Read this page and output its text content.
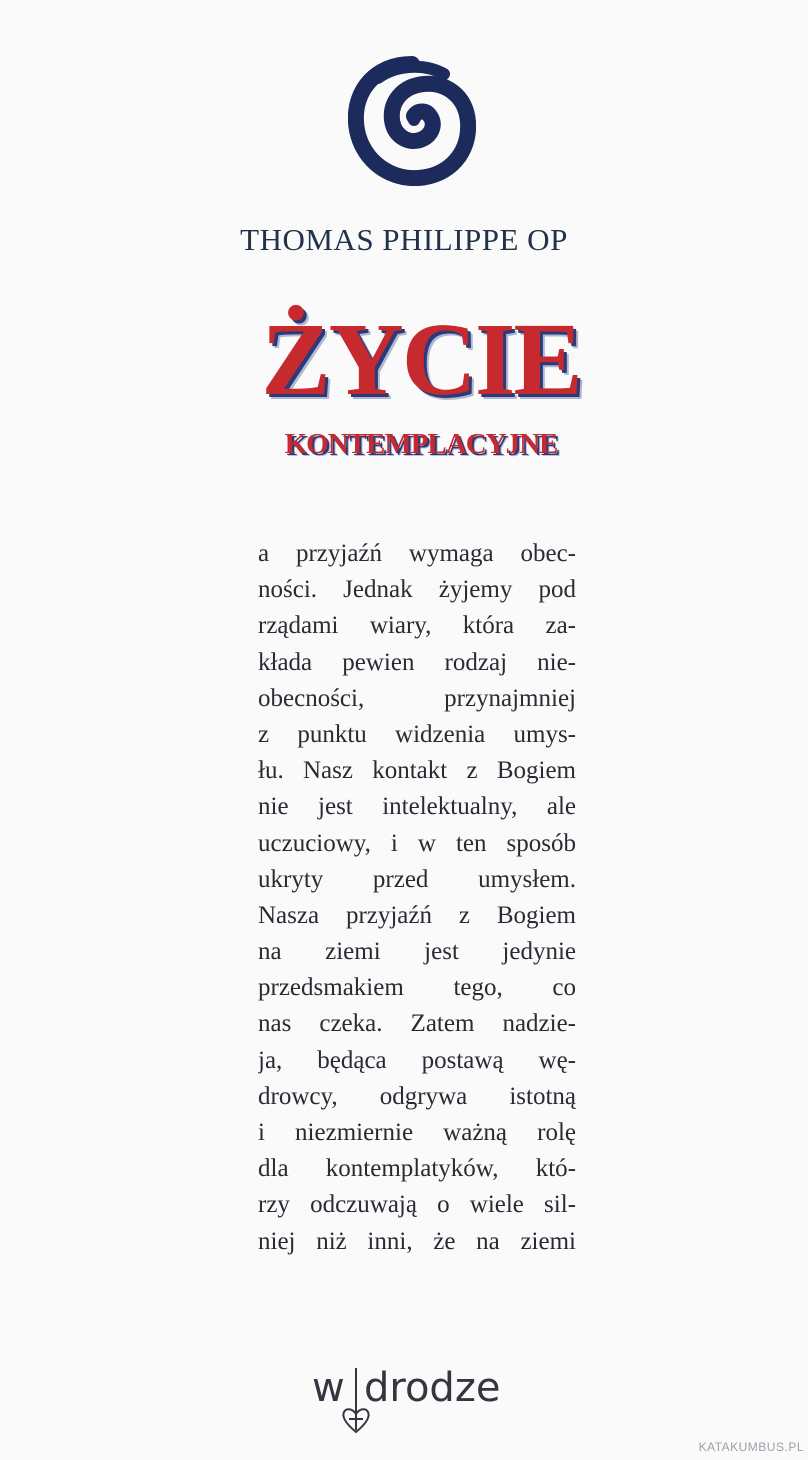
THOMAS PHILIPPE OP
ŻYCIE
KONTEMPLACYJNE
a przyjaźń wymaga obec-
ności. Jednak żyjemy pod
rządami wiary, która za-
kłada pewien rodzaj nie-
obecności, przynajmniej
z punktu widzenia umys-
łu. Nasz kontakt z Bogiem
nie jest intelektualny, ale
uczuciowy, i w ten sposób
ukryty przed umysłem.
Nasza przyjaźń z Bogiem
na ziemi jest jedynie
przedsmakiem tego, co
nas czeka. Zatem nadzie-
ja, będąca postawą wę-
drowcy, odgrywa istotną
i niezmiernie ważną rolę
dla kontemplatyków, któ-
rzy odczuwają o wiele sil-
niej niż inni, że na ziemi
w drodze
KATAKUMBUS.PL
